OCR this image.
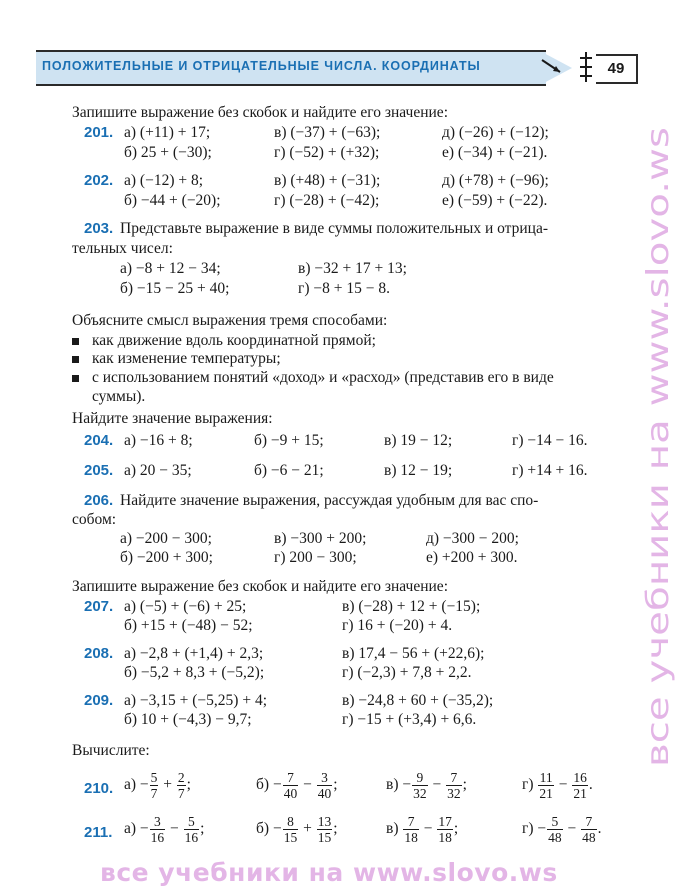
ПОЛОЖИТЕЛЬНЫЕ И ОТРИЦАТЕЛЬНЫЕ ЧИСЛА. КООРДИНАТЫ	49
Запишите выражение без скобок и найдите его значение:
201. а) (+11) + 17;	в) (−37) + (−63);	д) (−26) + (−12);
б) 25 + (−30);	г) (−52) + (+32);	е) (−34) + (−21).
202. а) (−12) + 8;	в) (+48) + (−31);	д) (+78) + (−96);
б) −44 + (−20);	г) (−28) + (−42);	е) (−59) + (−22).
203. Представьте выражение в виде суммы положительных и отрица-
тельных чисел:
а) −8 + 12 − 34;	в) −32 + 17 + 13;
б) −15 − 25 + 40;	г) −8 + 15 − 8.
Объясните смысл выражения тремя способами:
как движение вдоль координатной прямой;
как изменение температуры;
с использованием понятий «доход» и «расход» (представив его в виде
суммы).
Найдите значение выражения:
204. а) −16 + 8;	б) −9 + 15;	в) 19 − 12;	г) −14 − 16.
205. а) 20 − 35;	б) −6 − 21;	в) 12 − 19;	г) +14 + 16.
206. Найдите значение выражения, рассуждая удобным для вас спо-
собом:
а) −200 − 300;	в) −300 + 200;	д) −300 − 200;
б) −200 + 300;	г) 200 − 300;	е) +200 + 300.
Запишите выражение без скобок и найдите его значение:
207. а) (−5) + (−6) + 25;	в) (−28) + 12 + (−15);
б) +15 + (−48) − 52;	г) 16 + (−20) + 4.
208. а) −2,8 + (+1,4) + 2,3;	в) 17,4 − 56 + (+22,6);
б) −5,2 + 8,3 + (−5,2);	г) (−2,3) + 7,8 + 2,2.
209. а) −3,15 + (−5,25) + 4;	в) −24,8 + 60 + (−35,2);
б) 10 + (−4,3) − 9,7;	г) −15 + (+3,4) + 6,6.
Вычислите:
210. $а) - \frac{5}{7} + \frac{2}{7}$ ;	$б) - \frac{7}{40} - \frac{3}{40}$ ;	$в) - \frac{9}{32} - \frac{7}{32}$ ;	$г) \frac{11}{21} - \frac{16}{21}$ .
211. $а) - \frac{3}{16} - \frac{5}{16}$ ;	$б) - \frac{8}{15} + \frac{13}{15}$ ;	$в) \frac{7}{18} - \frac{17}{18}$ ;	$г) - \frac{5}{48} - \frac{7}{48}$ .
все учебники на www.slovo.ws
все учебники на www.slovo.ws
